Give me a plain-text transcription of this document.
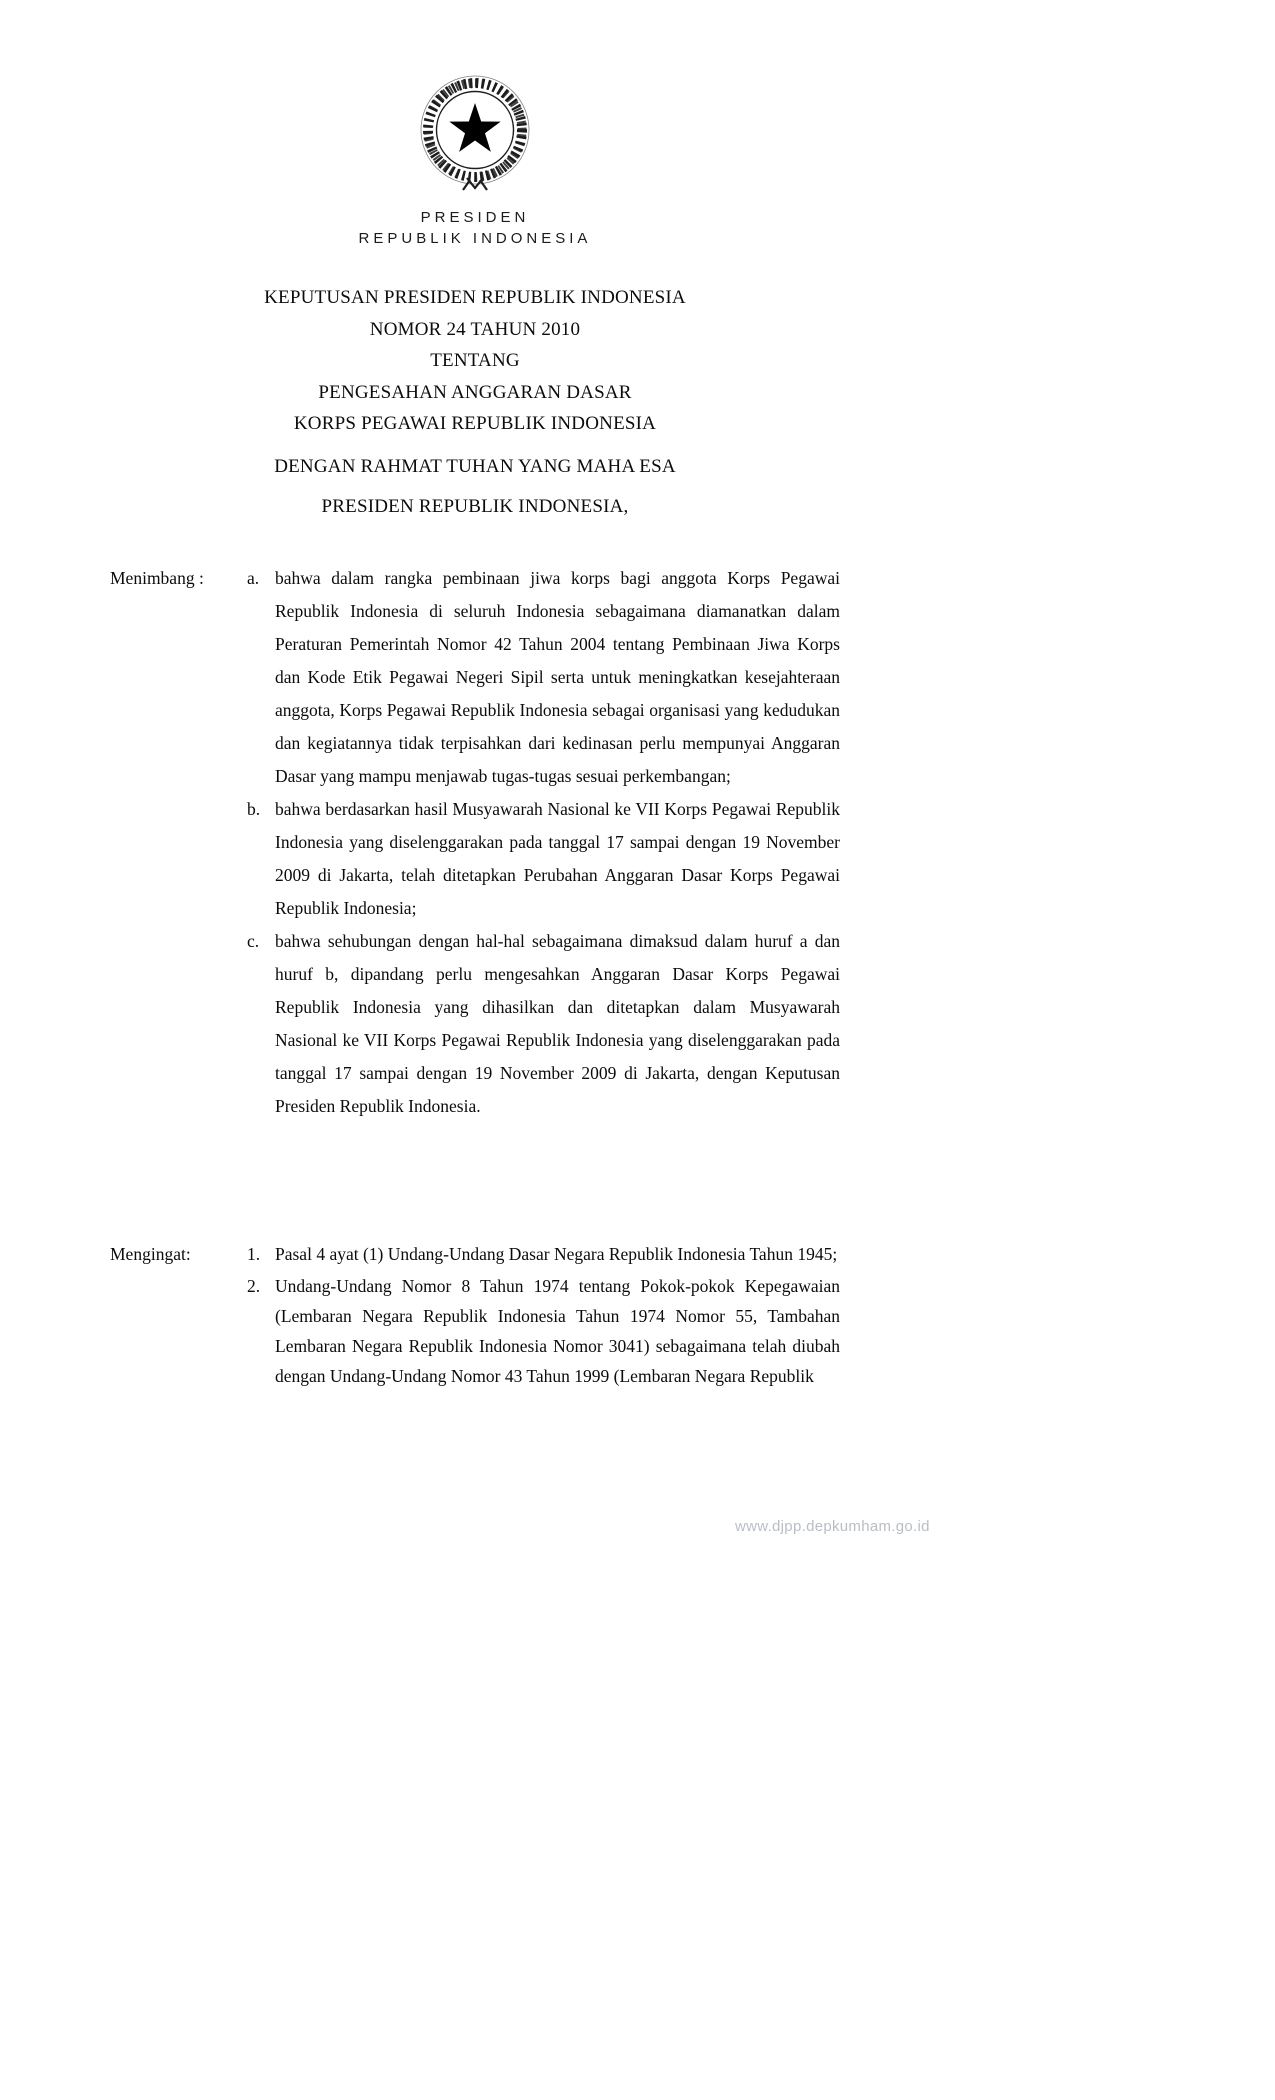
PRESIDEN
REPUBLIK INDONESIA
KEPUTUSAN PRESIDEN REPUBLIK INDONESIA
NOMOR 24 TAHUN 2010
TENTANG
PENGESAHAN ANGGARAN DASAR
KORPS PEGAWAI REPUBLIK INDONESIA
DENGAN RAHMAT TUHAN YANG MAHA ESA
PRESIDEN REPUBLIK INDONESIA,
Menimbang :	a. bahwa dalam rangka pembinaan jiwa korps bagi anggota Korps Pegawai Republik Indonesia di seluruh Indonesia sebagaimana diamanatkan dalam Peraturan Pemerintah Nomor 42 Tahun 2004 tentang Pembinaan Jiwa Korps dan Kode Etik Pegawai Negeri Sipil serta untuk meningkatkan kesejahteraan anggota, Korps Pegawai Republik Indonesia sebagai organisasi yang kedudukan dan kegiatannya tidak terpisahkan dari kedinasan perlu mempunyai Anggaran Dasar yang mampu menjawab tugas-tugas sesuai perkembangan;
b. bahwa berdasarkan hasil Musyawarah Nasional ke VII Korps Pegawai Republik Indonesia yang diselenggarakan pada tanggal 17 sampai dengan 19 November 2009 di Jakarta, telah ditetapkan Perubahan Anggaran Dasar Korps Pegawai Republik Indonesia;
c. bahwa sehubungan dengan hal-hal sebagaimana dimaksud dalam huruf a dan huruf b, dipandang perlu mengesahkan Anggaran Dasar Korps Pegawai Republik Indonesia yang dihasilkan dan ditetapkan dalam Musyawarah Nasional ke VII Korps Pegawai Republik Indonesia yang diselenggarakan pada tanggal 17 sampai dengan 19 November 2009 di Jakarta, dengan Keputusan Presiden Republik Indonesia.
Mengingat:	1. Pasal 4 ayat (1) Undang-Undang Dasar Negara Republik Indonesia Tahun 1945;
2. Undang-Undang Nomor 8 Tahun 1974 tentang Pokok-pokok Kepegawaian (Lembaran Negara Republik Indonesia Tahun 1974 Nomor 55, Tambahan Lembaran Negara Republik Indonesia Nomor 3041) sebagaimana telah diubah dengan Undang-Undang Nomor 43 Tahun 1999 (Lembaran Negara Republik
www.djpp.depkumham.go.id
